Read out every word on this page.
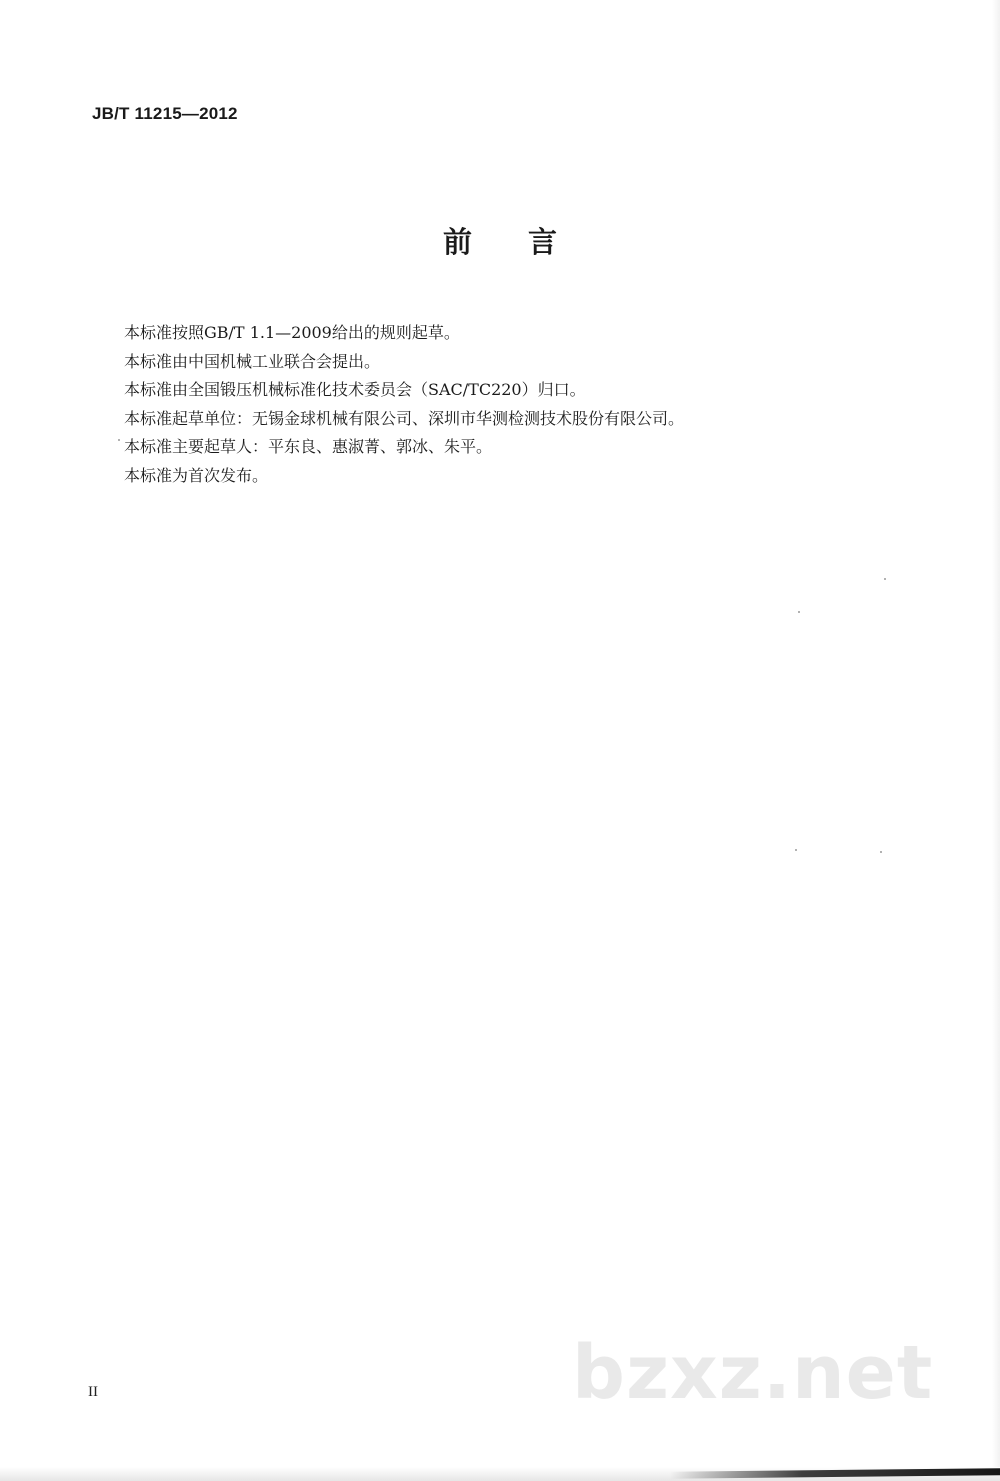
JB/T 11215—2012
前言
本标准按照GB/T 1.1—2009给出的规则起草。
本标准由中国机械工业联合会提出。
本标准由全国锻压机械标准化技术委员会（SAC/TC220）归口。
本标准起草单位：无锡金球机械有限公司、深圳市华测检测技术股份有限公司。
本标准主要起草人：平东良、惠淑菁、郭冰、朱平。
本标准为首次发布。
II	bzxz.net
